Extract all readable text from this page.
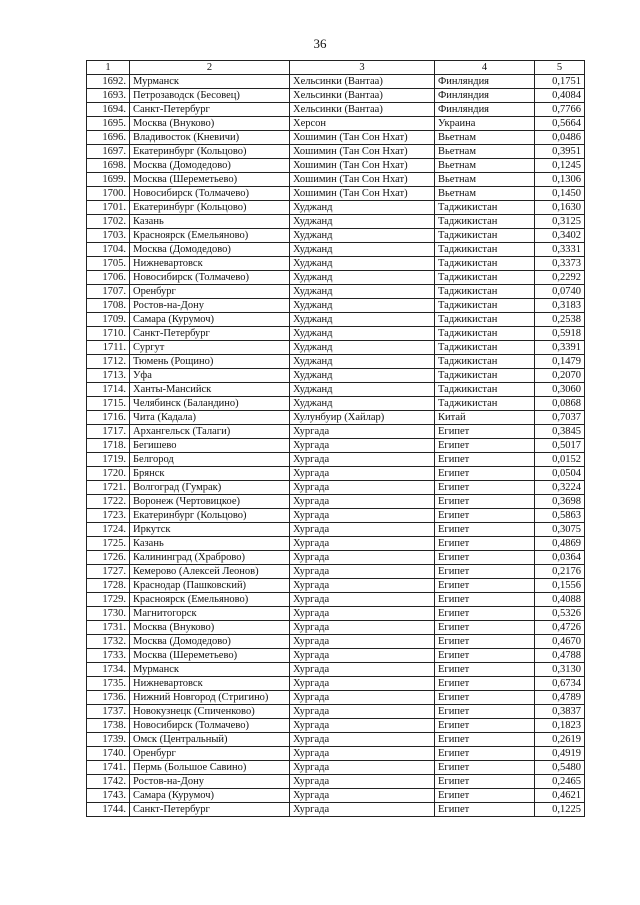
36
1	2	3	4	5
1692.	Мурманск	Хельсинки (Вантаа)	Финляндия	0,1751
1693.	Петрозаводск (Бесовец)	Хельсинки (Вантаа)	Финляндия	0,4084
1694.	Санкт-Петербург	Хельсинки (Вантаа)	Финляндия	0,7766
1695.	Москва (Внуково)	Херсон	Украина	0,5664
1696.	Владивосток (Кневичи)	Хошимин (Тан Сон Нхат)	Вьетнам	0,0486
1697.	Екатеринбург (Кольцово)	Хошимин (Тан Сон Нхат)	Вьетнам	0,3951
1698.	Москва (Домодедово)	Хошимин (Тан Сон Нхат)	Вьетнам	0,1245
1699.	Москва (Шереметьево)	Хошимин (Тан Сон Нхат)	Вьетнам	0,1306
1700.	Новосибирск (Толмачево)	Хошимин (Тан Сон Нхат)	Вьетнам	0,1450
1701.	Екатеринбург (Кольцово)	Худжанд	Таджикистан	0,1630
1702.	Казань	Худжанд	Таджикистан	0,3125
1703.	Красноярск (Емельяново)	Худжанд	Таджикистан	0,3402
1704.	Москва (Домодедово)	Худжанд	Таджикистан	0,3331
1705.	Нижневартовск	Худжанд	Таджикистан	0,3373
1706.	Новосибирск (Толмачево)	Худжанд	Таджикистан	0,2292
1707.	Оренбург	Худжанд	Таджикистан	0,0740
1708.	Ростов-на-Дону	Худжанд	Таджикистан	0,3183
1709.	Самара (Курумоч)	Худжанд	Таджикистан	0,2538
1710.	Санкт-Петербург	Худжанд	Таджикистан	0,5918
1711.	Сургут	Худжанд	Таджикистан	0,3391
1712.	Тюмень (Рощино)	Худжанд	Таджикистан	0,1479
1713.	Уфа	Худжанд	Таджикистан	0,2070
1714.	Ханты-Мансийск	Худжанд	Таджикистан	0,3060
1715.	Челябинск (Баландино)	Худжанд	Таджикистан	0,0868
1716.	Чита (Кадала)	Хулунбуир (Хайлар)	Китай	0,7037
1717.	Архангельск (Талаги)	Хургада	Египет	0,3845
1718.	Бегишево	Хургада	Египет	0,5017
1719.	Белгород	Хургада	Египет	0,0152
1720.	Брянск	Хургада	Египет	0,0504
1721.	Волгоград (Гумрак)	Хургада	Египет	0,3224
1722.	Воронеж (Чертовицкое)	Хургада	Египет	0,3698
1723.	Екатеринбург (Кольцово)	Хургада	Египет	0,5863
1724.	Иркутск	Хургада	Египет	0,3075
1725.	Казань	Хургада	Египет	0,4869
1726.	Калининград (Храброво)	Хургада	Египет	0,0364
1727.	Кемерово (Алексей Леонов)	Хургада	Египет	0,2176
1728.	Краснодар (Пашковский)	Хургада	Египет	0,1556
1729.	Красноярск (Емельяново)	Хургада	Египет	0,4088
1730.	Магнитогорск	Хургада	Египет	0,5326
1731.	Москва (Внуково)	Хургада	Египет	0,4726
1732.	Москва (Домодедово)	Хургада	Египет	0,4670
1733.	Москва (Шереметьево)	Хургада	Египет	0,4788
1734.	Мурманск	Хургада	Египет	0,3130
1735.	Нижневартовск	Хургада	Египет	0,6734
1736.	Нижний Новгород (Стригино)	Хургада	Египет	0,4789
1737.	Новокузнецк (Спиченково)	Хургада	Египет	0,3837
1738.	Новосибирск (Толмачево)	Хургада	Египет	0,1823
1739.	Омск (Центральный)	Хургада	Египет	0,2619
1740.	Оренбург	Хургада	Египет	0,4919
1741.	Пермь (Большое Савино)	Хургада	Египет	0,5480
1742.	Ростов-на-Дону	Хургада	Египет	0,2465
1743.	Самара (Курумоч)	Хургада	Египет	0,4621
1744.	Санкт-Петербург	Хургада	Египет	0,1225
